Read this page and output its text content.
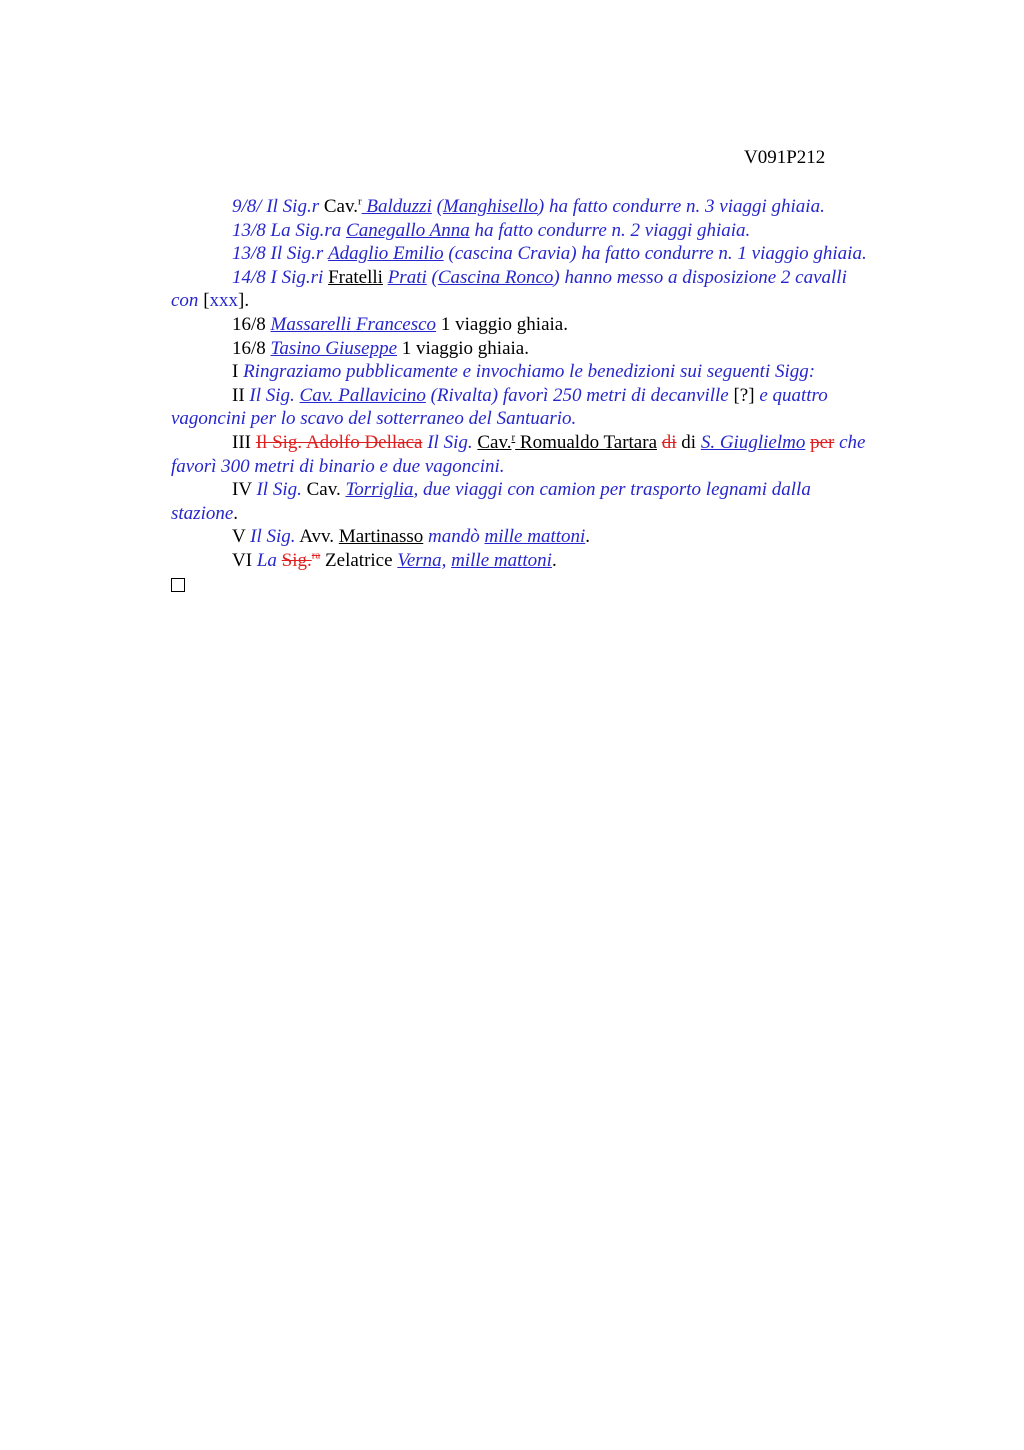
V091P212
9/8/ Il Sig.r Cav.$^r$ Balduzzi (Manghisello) ha fatto condurre n. 3 viaggi ghiaia.
13/8 La Sig.ra Canegallo Anna ha fatto condurre n. 2 viaggi ghiaia.
13/8 Il Sig.r Adaglio Emilio (cascina Cravia) ha fatto condurre n. 1 viaggio ghiaia.
14/8 I Sig.ri Fratelli Prati (Cascina Ronco) hanno messo a disposizione 2 cavalli
con [xxx].
16/8 Massarelli Francesco 1 viaggio ghiaia.
16/8 Tasino Giuseppe 1 viaggio ghiaia.
I Ringraziamo pubblicamente e invochiamo le benedizioni sui seguenti Sigg:
II Il Sig. Cav. Pallavicino (Rivalta) favorì 250 metri di decanville [?] e quattro
vagoncini per lo scavo del sotterraneo del Santuario.
III Il Sig. Adolfo Dellaca Il Sig. Cav.$^r$ Romualdo Tartara di di S. Giuglielmo per che
favorì 300 metri di binario e due vagoncini.
IV Il Sig. Cav. Torriglia, due viaggi con camion per trasporto legnami dalla
stazione.
V Il Sig. Avv. Martinasso mandò mille mattoni.
VI La Sig.$^{ra}$ Zelatrice Verna, mille mattoni.
